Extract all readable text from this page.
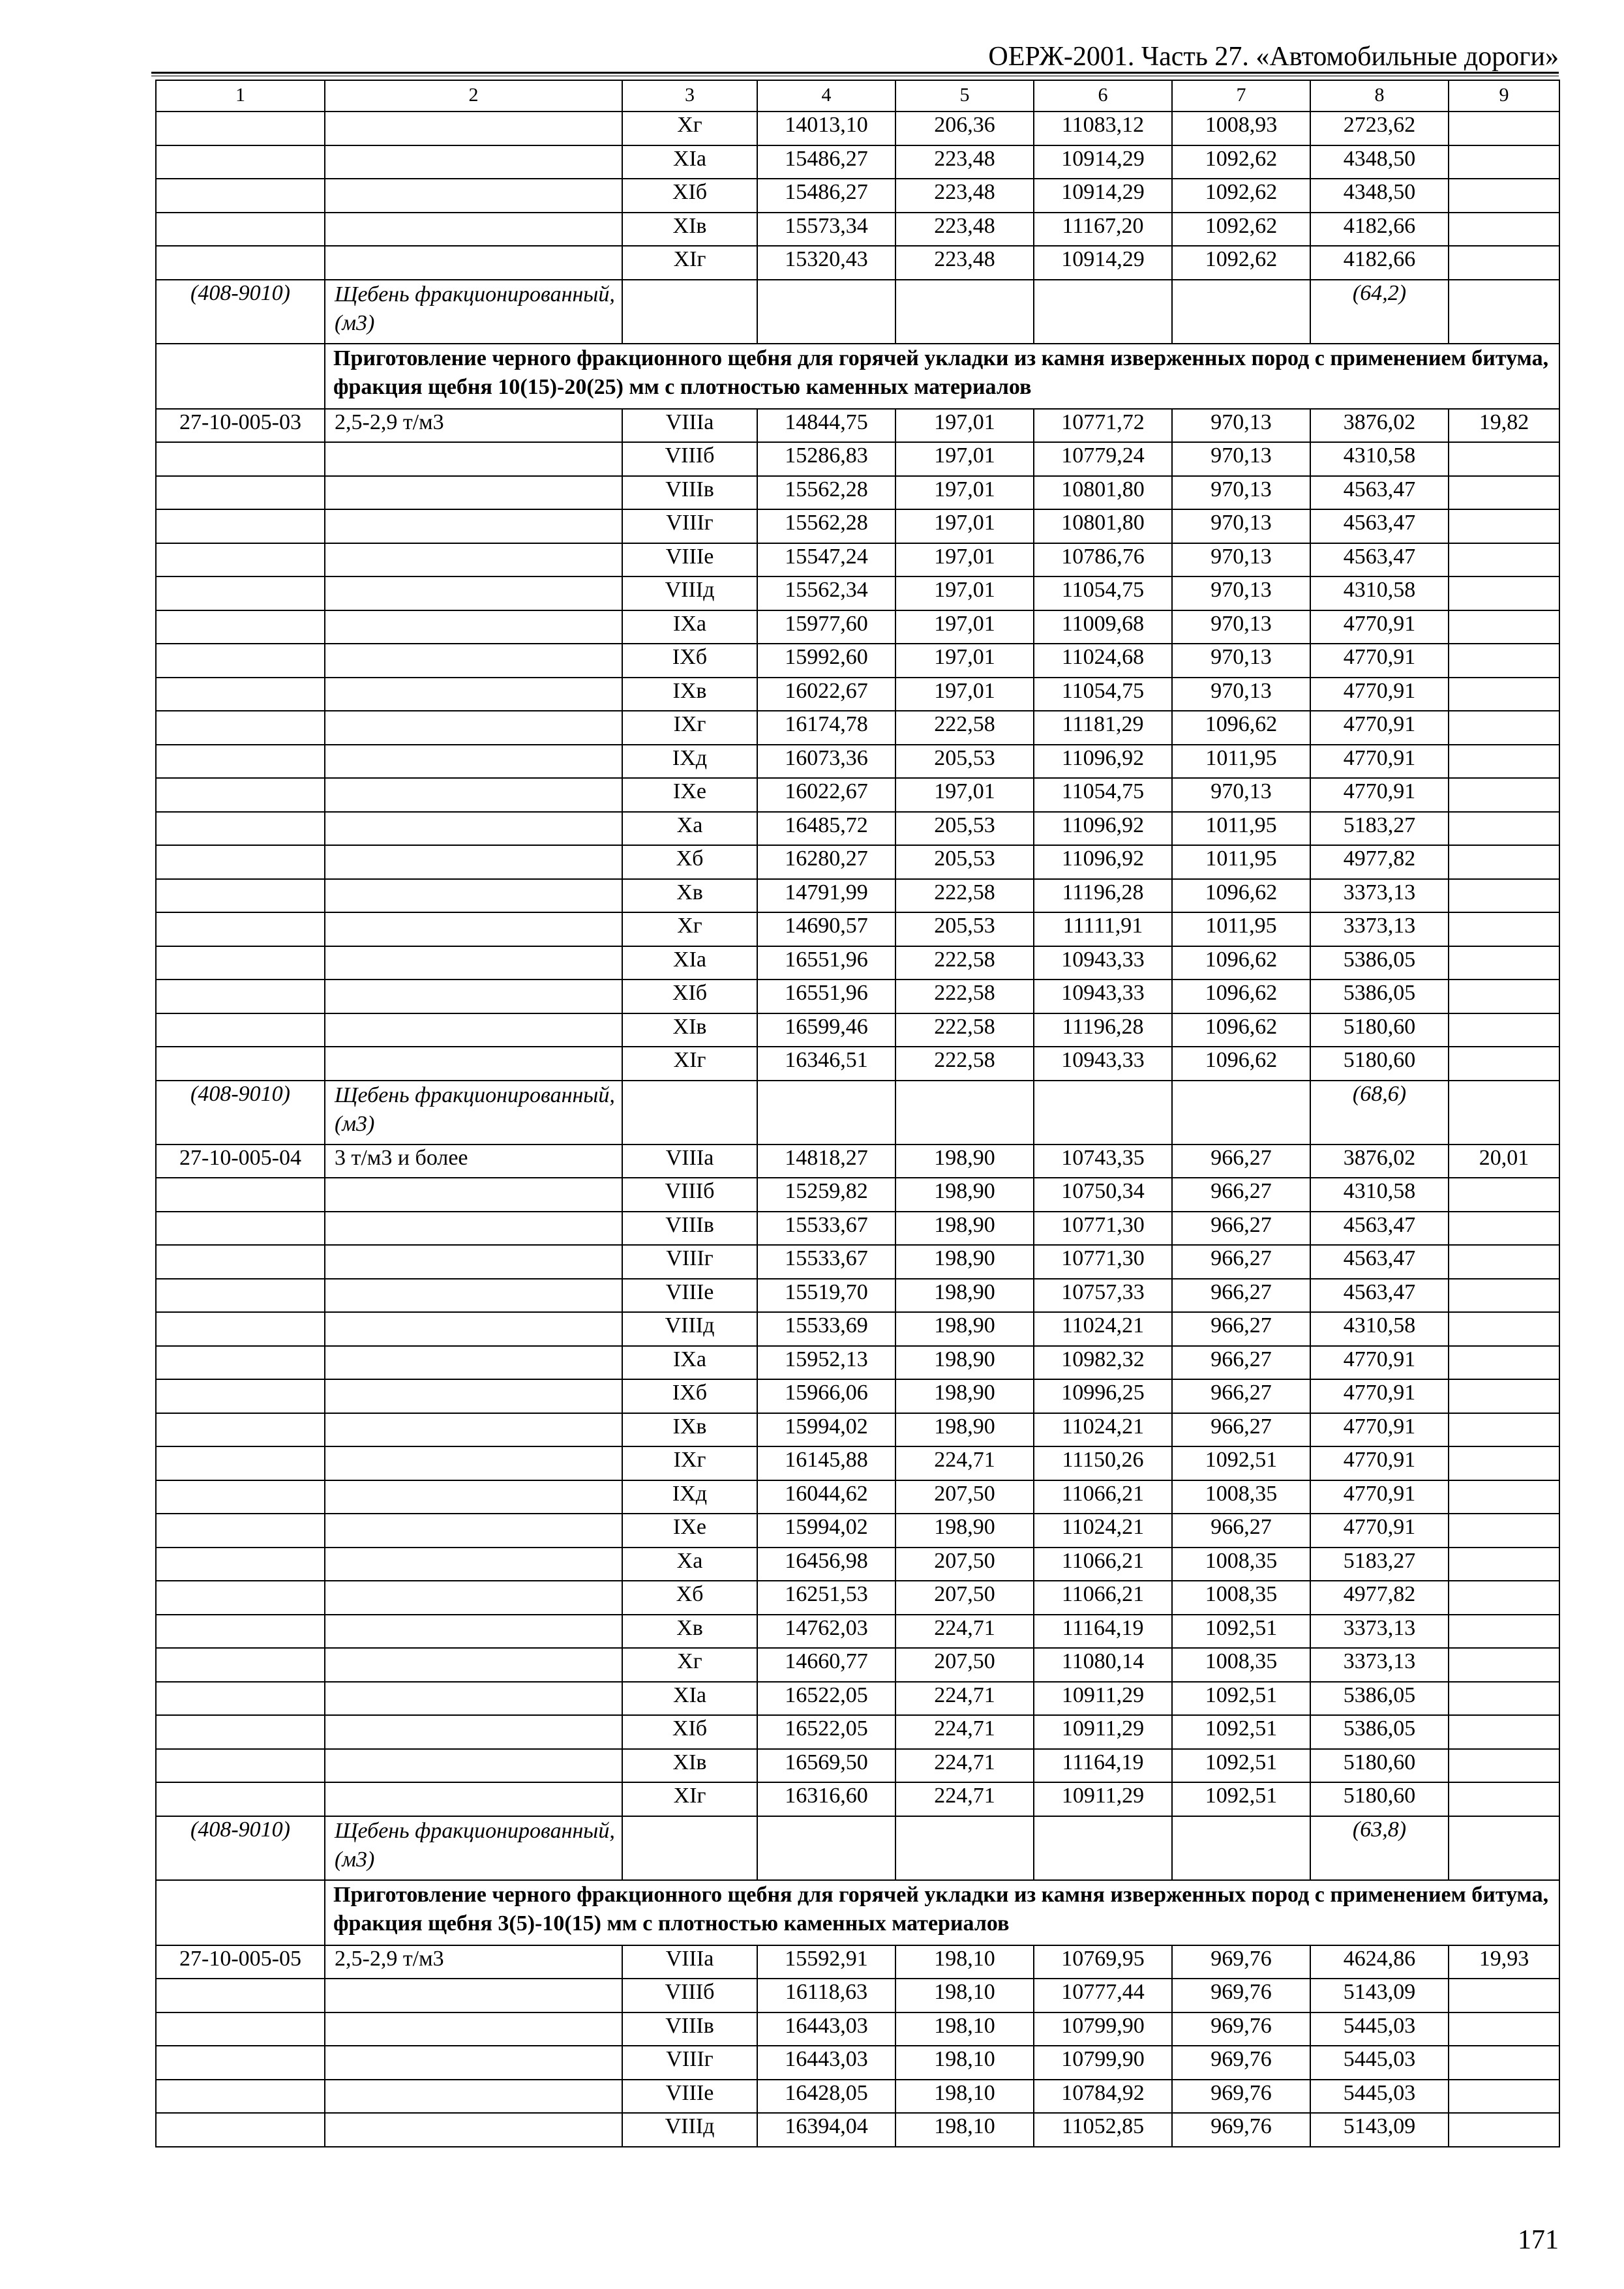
ОЕРЖ-2001. Часть 27. «Автомобильные дороги»
1	2	3	4	5	6	7	8	9
		Xг	14013,10	206,36	11083,12	1008,93	2723,62	
		XIа	15486,27	223,48	10914,29	1092,62	4348,50	
		XIб	15486,27	223,48	10914,29	1092,62	4348,50	
		XIв	15573,34	223,48	11167,20	1092,62	4182,66	
		XIг	15320,43	223,48	10914,29	1092,62	4182,66	
(408-9010)	Щебень фракционированный, (м3)						(64,2)	
	Приготовление черного фракционного щебня для горячей укладки из камня изверженных пород с применением битума, фракция щебня 10(15)-20(25) мм с плотностью каменных материалов							
27-10-005-03	2,5-2,9 т/м3	VIIIа	14844,75	197,01	10771,72	970,13	3876,02	19,82
		VIIIб	15286,83	197,01	10779,24	970,13	4310,58	
		VIIIв	15562,28	197,01	10801,80	970,13	4563,47	
		VIIIг	15562,28	197,01	10801,80	970,13	4563,47	
		VIIIе	15547,24	197,01	10786,76	970,13	4563,47	
		VIIIд	15562,34	197,01	11054,75	970,13	4310,58	
		IXа	15977,60	197,01	11009,68	970,13	4770,91	
		IXб	15992,60	197,01	11024,68	970,13	4770,91	
		IXв	16022,67	197,01	11054,75	970,13	4770,91	
		IXг	16174,78	222,58	11181,29	1096,62	4770,91	
		IXд	16073,36	205,53	11096,92	1011,95	4770,91	
		IXе	16022,67	197,01	11054,75	970,13	4770,91	
		Xа	16485,72	205,53	11096,92	1011,95	5183,27	
		Xб	16280,27	205,53	11096,92	1011,95	4977,82	
		Xв	14791,99	222,58	11196,28	1096,62	3373,13	
		Xг	14690,57	205,53	11111,91	1011,95	3373,13	
		XIа	16551,96	222,58	10943,33	1096,62	5386,05	
		XIб	16551,96	222,58	10943,33	1096,62	5386,05	
		XIв	16599,46	222,58	11196,28	1096,62	5180,60	
		XIг	16346,51	222,58	10943,33	1096,62	5180,60	
(408-9010)	Щебень фракционированный, (м3)						(68,6)	
27-10-005-04	3 т/м3 и более	VIIIа	14818,27	198,90	10743,35	966,27	3876,02	20,01
		VIIIб	15259,82	198,90	10750,34	966,27	4310,58	
		VIIIв	15533,67	198,90	10771,30	966,27	4563,47	
		VIIIг	15533,67	198,90	10771,30	966,27	4563,47	
		VIIIе	15519,70	198,90	10757,33	966,27	4563,47	
		VIIIд	15533,69	198,90	11024,21	966,27	4310,58	
		IXа	15952,13	198,90	10982,32	966,27	4770,91	
		IXб	15966,06	198,90	10996,25	966,27	4770,91	
		IXв	15994,02	198,90	11024,21	966,27	4770,91	
		IXг	16145,88	224,71	11150,26	1092,51	4770,91	
		IXд	16044,62	207,50	11066,21	1008,35	4770,91	
		IXе	15994,02	198,90	11024,21	966,27	4770,91	
		Xа	16456,98	207,50	11066,21	1008,35	5183,27	
		Xб	16251,53	207,50	11066,21	1008,35	4977,82	
		Xв	14762,03	224,71	11164,19	1092,51	3373,13	
		Xг	14660,77	207,50	11080,14	1008,35	3373,13	
		XIа	16522,05	224,71	10911,29	1092,51	5386,05	
		XIб	16522,05	224,71	10911,29	1092,51	5386,05	
		XIв	16569,50	224,71	11164,19	1092,51	5180,60	
		XIг	16316,60	224,71	10911,29	1092,51	5180,60	
(408-9010)	Щебень фракционированный, (м3)						(63,8)	
	Приготовление черного фракционного щебня для горячей укладки из камня изверженных пород с применением битума, фракция щебня 3(5)-10(15) мм с плотностью каменных материалов							
27-10-005-05	2,5-2,9 т/м3	VIIIа	15592,91	198,10	10769,95	969,76	4624,86	19,93
		VIIIб	16118,63	198,10	10777,44	969,76	5143,09	
		VIIIв	16443,03	198,10	10799,90	969,76	5445,03	
		VIIIг	16443,03	198,10	10799,90	969,76	5445,03	
		VIIIе	16428,05	198,10	10784,92	969,76	5445,03	
		VIIIд	16394,04	198,10	11052,85	969,76	5143,09	
171
